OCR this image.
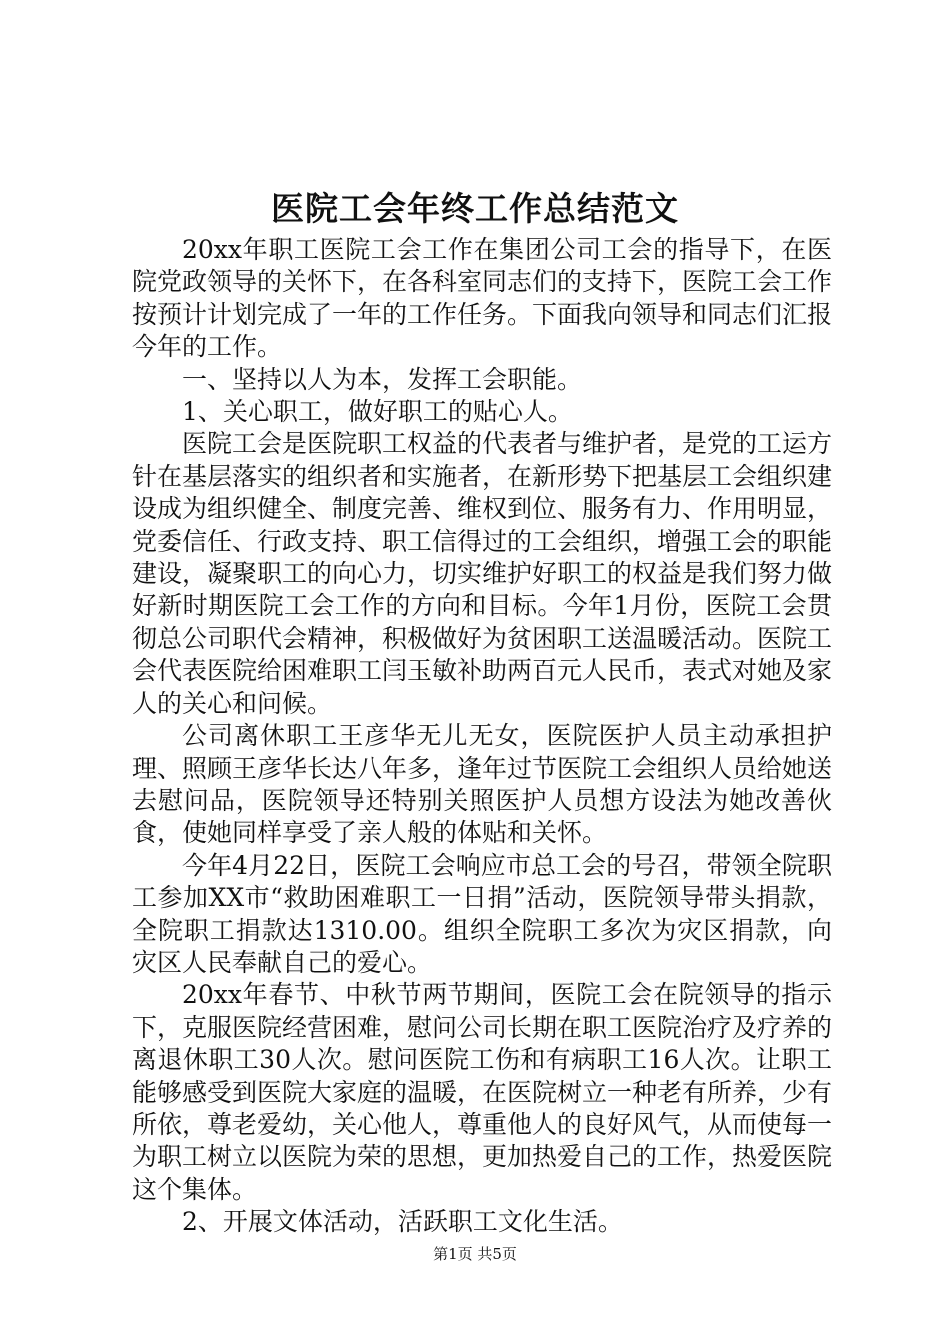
医院工会年终工作总结范文

20xx年职工医院工会工作在集团公司工会的指导下，在医院党政领导的关怀下，在各科室同志们的支持下，医院工会工作按预计计划完成了一年的工作任务。下面我向领导和同志们汇报今年的工作。

一、坚持以人为本，发挥工会职能。

1、关心职工，做好职工的贴心人。

医院工会是医院职工权益的代表者与维护者，是党的工运方针在基层落实的组织者和实施者，在新形势下把基层工会组织建设成为组织健全、制度完善、维权到位、服务有力、作用明显，党委信任、行政支持、职工信得过的工会组织，增强工会的职能建设，凝聚职工的向心力，切实维护好职工的权益是我们努力做好新时期医院工会工作的方向和目标。今年1月份，医院工会贯彻总公司职代会精神，积极做好为贫困职工送温暖活动。医院工会代表医院给困难职工闫玉敏补助两百元人民币，表式对她及家人的关心和问候。

公司离休职工王彦华无儿无女，医院医护人员主动承担护理、照顾王彦华长达八年多，逢年过节医院工会组织人员给她送去慰问品，医院领导还特别关照医护人员想方设法为她改善伙食，使她同样享受了亲人般的体贴和关怀。

今年4月22日，医院工会响应市总工会的号召，带领全院职工参加XX市“救助困难职工一日捐”活动，医院领导带头捐款，全院职工捐款达1310.00。组织全院职工多次为灾区捐款，向灾区人民奉献自己的爱心。

20xx年春节、中秋节两节期间，医院工会在院领导的指示下，克服医院经营困难，慰问公司长期在职工医院治疗及疗养的离退休职工30人次。慰问医院工伤和有病职工16人次。让职工能够感受到医院大家庭的温暖，在医院树立一种老有所养，少有所依，尊老爱幼，关心他人，尊重他人的良好风气，从而使每一为职工树立以医院为荣的思想，更加热爱自己的工作，热爱医院这个集体。

2、开展文体活动，活跃职工文化生活。

第1页 共5页
